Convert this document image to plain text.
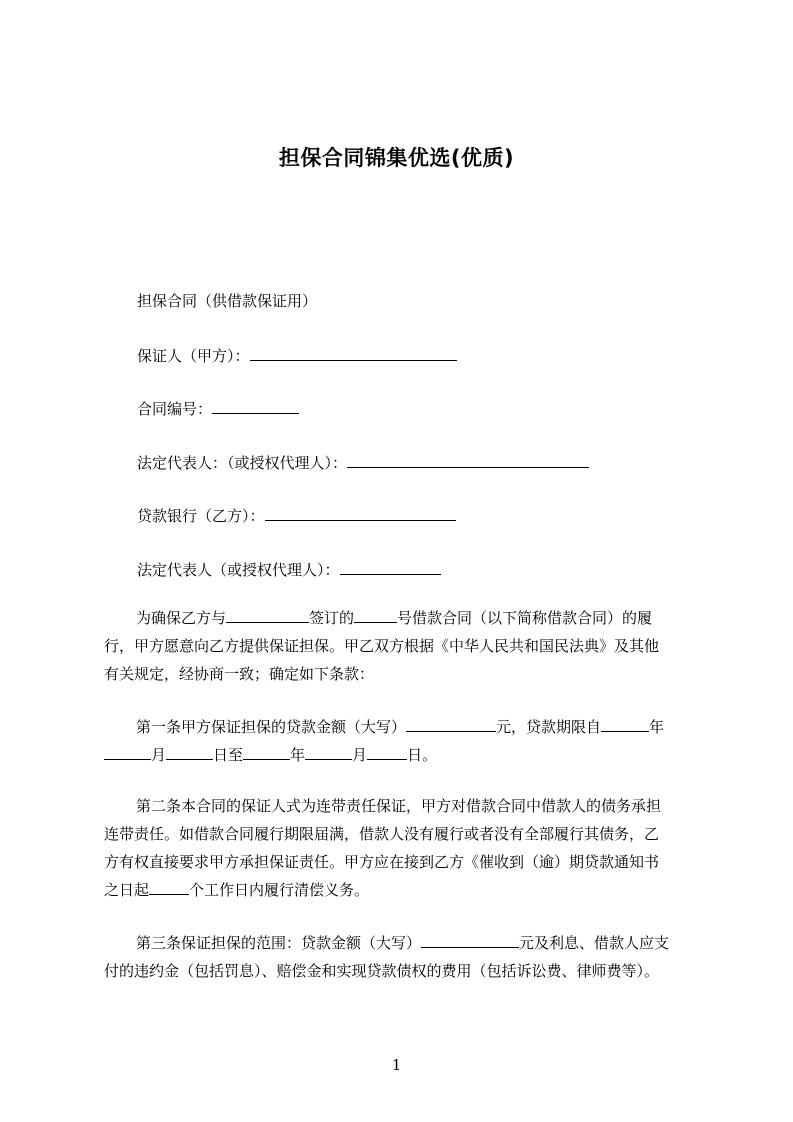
担保合同锦集优选(优质)
担保合同（供借款保证用）
保证人（甲方）：
合同编号：
法定代表人：（或授权代理人）：
贷款银行（乙方）：
法定代表人（或授权代理人）：
为确保乙方与	签订的	号借款合同（以下简称借款合同）的履
行，甲方愿意向乙方提供保证担保。甲乙双方根据《中华人民共和国民法典》及其他
有关规定，经协商一致；确定如下条款：
第一条甲方保证担保的贷款金额（大写）	元，贷款期限自	年
月	日至	年	月	日。
第二条本合同的保证人式为连带责任保证，甲方对借款合同中借款人的债务承担
连带责任。如借款合同履行期限届满，借款人没有履行或者没有全部履行其债务，乙
方有权直接要求甲方承担保证责任。甲方应在接到乙方《催收到（逾）期贷款通知书
之日起	个工作日内履行清偿义务。
第三条保证担保的范围：贷款金额（大写）	元及利息、借款人应支
付的违约金（包括罚息）、赔偿金和实现贷款债权的费用（包括诉讼费、律师费等）。
1
